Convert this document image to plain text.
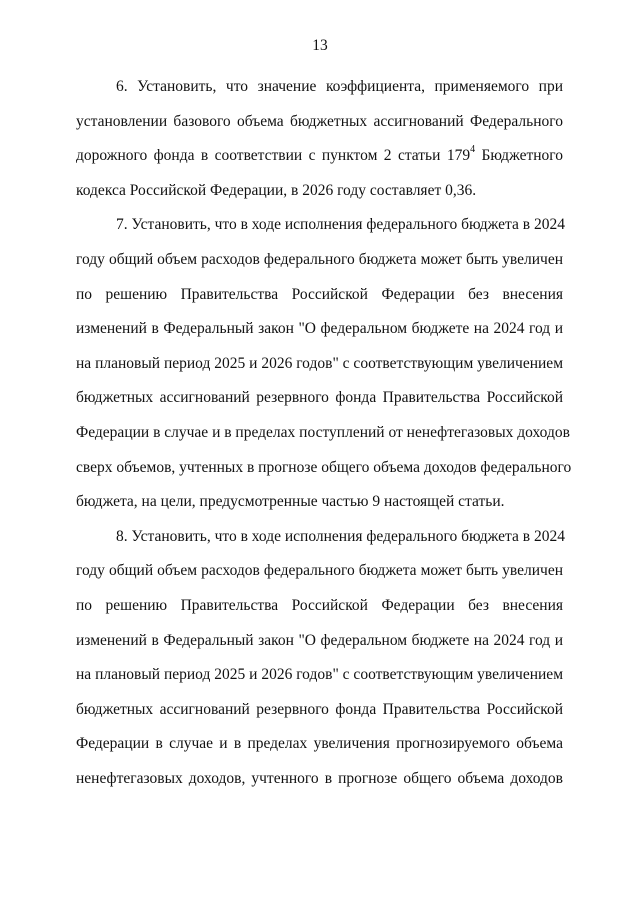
13
6. Установить, что значение коэффициента, применяемого при
установлении базового объема бюджетных ассигнований Федерального
дорожного фонда в соответствии с пунктом 2 статьи $179^4$ Бюджетного
кодекса Российской Федерации, в 2026 году составляет 0,36.
7. Установить, что в ходе исполнения федерального бюджета в 2024
году общий объем расходов федерального бюджета может быть увеличен
по решению Правительства Российской Федерации без внесения
изменений в Федеральный закон "О федеральном бюджете на 2024 год и
на плановый период 2025 и 2026 годов" с соответствующим увеличением
бюджетных ассигнований резервного фонда Правительства Российской
Федерации в случае и в пределах поступлений от ненефтегазовых доходов
сверх объемов, учтенных в прогнозе общего объема доходов федерального
бюджета, на цели, предусмотренные частью 9 настоящей статьи.
8. Установить, что в ходе исполнения федерального бюджета в 2024
году общий объем расходов федерального бюджета может быть увеличен
по решению Правительства Российской Федерации без внесения
изменений в Федеральный закон "О федеральном бюджете на 2024 год и
на плановый период 2025 и 2026 годов" с соответствующим увеличением
бюджетных ассигнований резервного фонда Правительства Российской
Федерации в случае и в пределах увеличения прогнозируемого объема
ненефтегазовых доходов, учтенного в прогнозе общего объема доходов
